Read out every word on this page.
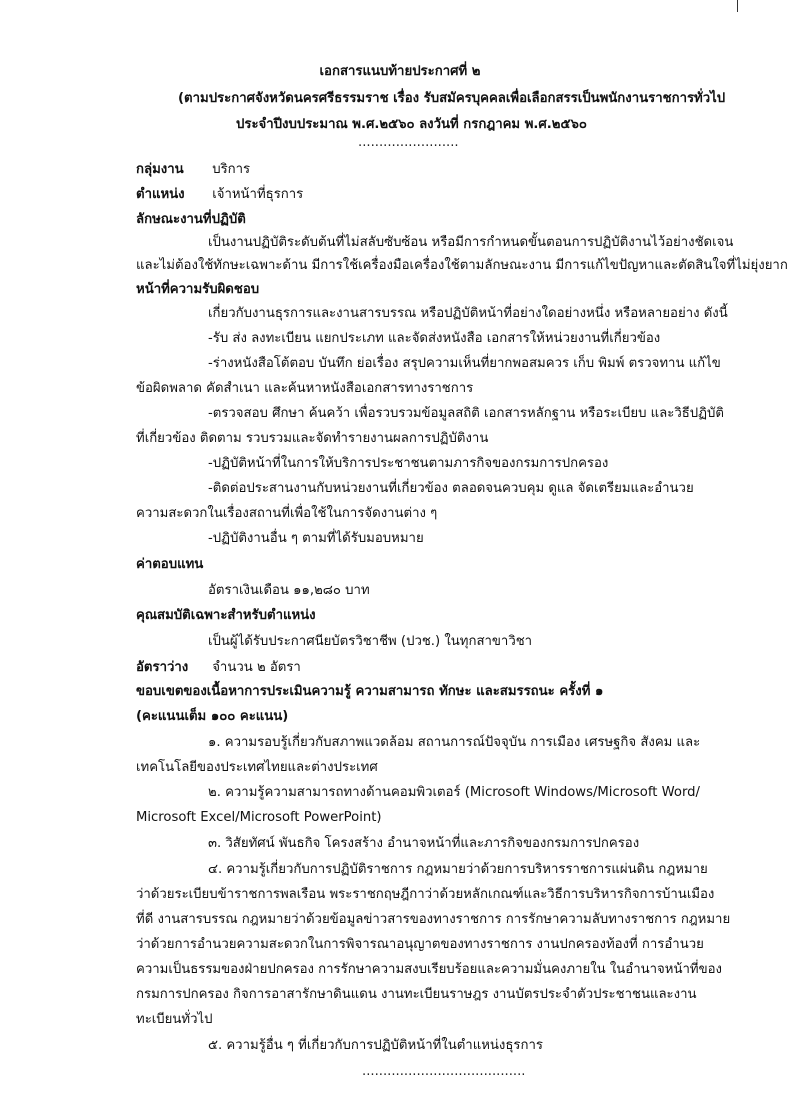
เอกสารแนบท้ายประกาศที่ ๒
(ตามประกาศจังหวัดนครศรีธรรมราช เรื่อง รับสมัครบุคคลเพื่อเลือกสรรเป็นพนักงานราชการทั่วไป
ประจำปีงบประมาณ พ.ศ.๒๕๖๐ ลงวันที่ กรกฎาคม พ.ศ.๒๕๖๐
........................
กลุ่มงาน บริการ
ตำแหน่ง เจ้าหน้าที่ธุรการ
ลักษณะงานที่ปฏิบัติ
เป็นงานปฏิบัติระดับต้นที่ไม่สลับซับซ้อน หรือมีการกำหนดขั้นตอนการปฏิบัติงานไว้อย่างชัดเจน
และไม่ต้องใช้ทักษะเฉพาะด้าน มีการใช้เครื่องมือเครื่องใช้ตามลักษณะงาน มีการแก้ไขปัญหาและตัดสินใจที่ไม่ยุ่งยาก
หน้าที่ความรับผิดชอบ
เกี่ยวกับงานธุรการและงานสารบรรณ หรือปฏิบัติหน้าที่อย่างใดอย่างหนึ่ง หรือหลายอย่าง ดังนี้
-รับ ส่ง ลงทะเบียน แยกประเภท และจัดส่งหนังสือ เอกสารให้หน่วยงานที่เกี่ยวข้อง
-ร่างหนังสือโต้ตอบ บันทึก ย่อเรื่อง สรุปความเห็นที่ยากพอสมควร เก็บ พิมพ์ ตรวจทาน แก้ไข
ข้อผิดพลาด คัดสำเนา และค้นหาหนังสือเอกสารทางราชการ
-ตรวจสอบ ศึกษา ค้นคว้า เพื่อรวบรวมข้อมูลสถิติ เอกสารหลักฐาน หรือระเบียบ และวิธีปฏิบัติ
ที่เกี่ยวข้อง ติดตาม รวบรวมและจัดทำรายงานผลการปฏิบัติงาน
-ปฏิบัติหน้าที่ในการให้บริการประชาชนตามภารกิจของกรมการปกครอง
-ติดต่อประสานงานกับหน่วยงานที่เกี่ยวข้อง ตลอดจนควบคุม ดูแล จัดเตรียมและอำนวย
ความสะดวกในเรื่องสถานที่เพื่อใช้ในการจัดงานต่าง ๆ
-ปฏิบัติงานอื่น ๆ ตามที่ได้รับมอบหมาย
ค่าตอบแทน
อัตราเงินเดือน ๑๑,๒๘๐ บาท
คุณสมบัติเฉพาะสำหรับตำแหน่ง
เป็นผู้ได้รับประกาศนียบัตรวิชาชีพ (ปวช.) ในทุกสาขาวิชา
อัตราว่าง จำนวน ๒ อัตรา
ขอบเขตของเนื้อหาการประเมินความรู้ ความสามารถ ทักษะ และสมรรถนะ ครั้งที่ ๑
(คะแนนเต็ม ๑๐๐ คะแนน)
๑. ความรอบรู้เกี่ยวกับสภาพแวดล้อม สถานการณ์ปัจจุบัน การเมือง เศรษฐกิจ สังคม และ
เทคโนโลยีของประเทศไทยและต่างประเทศ
๒. ความรู้ความสามารถทางด้านคอมพิวเตอร์ (Microsoft Windows/Microsoft Word/
Microsoft Excel/Microsoft PowerPoint)
๓. วิสัยทัศน์ พันธกิจ โครงสร้าง อำนาจหน้าที่และภารกิจของกรมการปกครอง
๔. ความรู้เกี่ยวกับการปฏิบัติราชการ กฎหมายว่าด้วยการบริหารราชการแผ่นดิน กฎหมาย
ว่าด้วยระเบียบข้าราชการพลเรือน พระราชกฤษฎีกาว่าด้วยหลักเกณฑ์และวิธีการบริหารกิจการบ้านเมือง
ที่ดี งานสารบรรณ กฎหมายว่าด้วยข้อมูลข่าวสารของทางราชการ การรักษาความลับทางราชการ กฎหมาย
ว่าด้วยการอำนวยความสะดวกในการพิจารณาอนุญาตของทางราชการ งานปกครองท้องที่ การอำนวย
ความเป็นธรรมของฝ่ายปกครอง การรักษาความสงบเรียบร้อยและความมั่นคงภายใน ในอำนาจหน้าที่ของ
กรมการปกครอง กิจการอาสารักษาดินแดน งานทะเบียนราษฎร งานบัตรประจำตัวประชาชนและงาน
ทะเบียนทั่วไป
๕. ความรู้อื่น ๆ ที่เกี่ยวกับการปฏิบัติหน้าที่ในตำแหน่งธุรการ
.......................................
